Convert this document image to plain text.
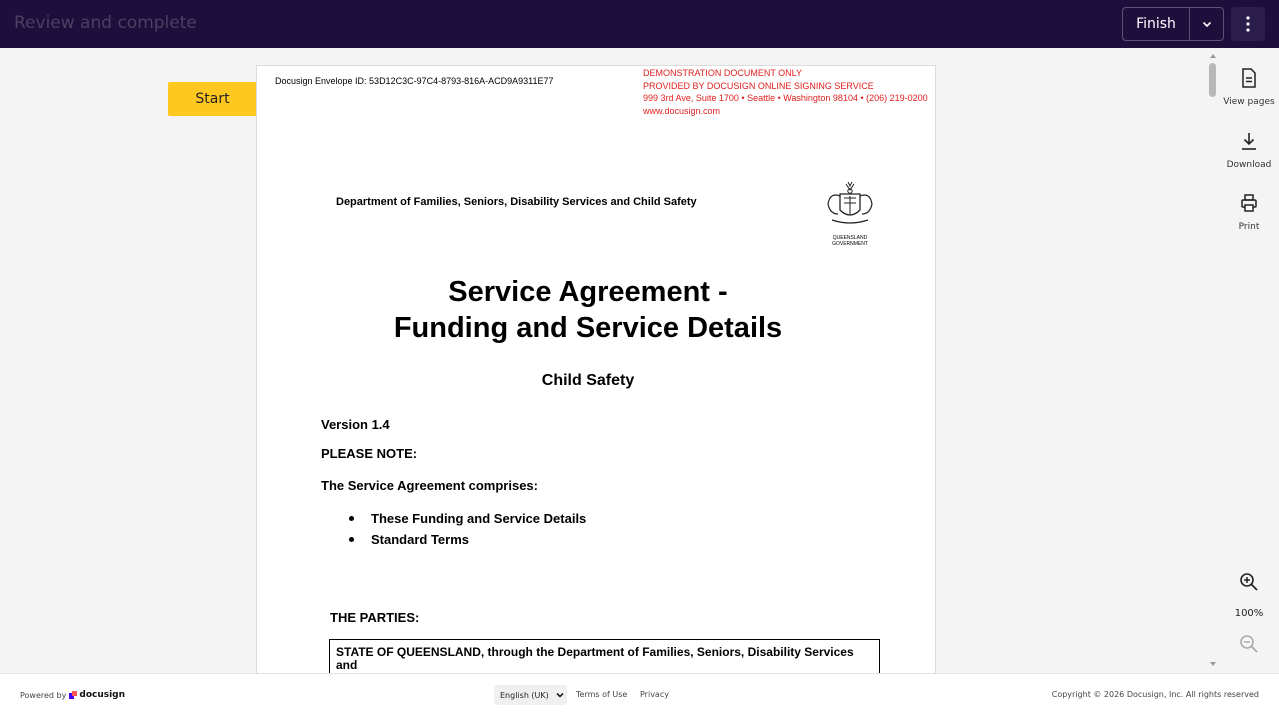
Review and complete	Finish
Start
Docusign Envelope ID: 53D12C3C-97C4-8793-816A-ACD9A9311E77
DEMONSTRATION DOCUMENT ONLY
PROVIDED BY DOCUSIGN ONLINE SIGNING SERVICE
999 3rd Ave, Suite 1700 • Seattle • Washington 98104 • (206) 219-0200
www.docusign.com
Department of Families, Seniors, Disability Services and Child Safety
QUEENSLAND
GOVERNMENT
Service Agreement -
Funding and Service Details
Child Safety
Version 1.4
PLEASE NOTE:
The Service Agreement comprises:
These Funding and Service Details
Standard Terms
THE PARTIES:
STATE OF QUEENSLAND, through the Department of Families, Seniors, Disability Services and
View pages
Download
Print
100%
Powered by docusign	English (UK)	Terms of Use Privacy	Copyright © 2026 Docusign, Inc. All rights reserved
